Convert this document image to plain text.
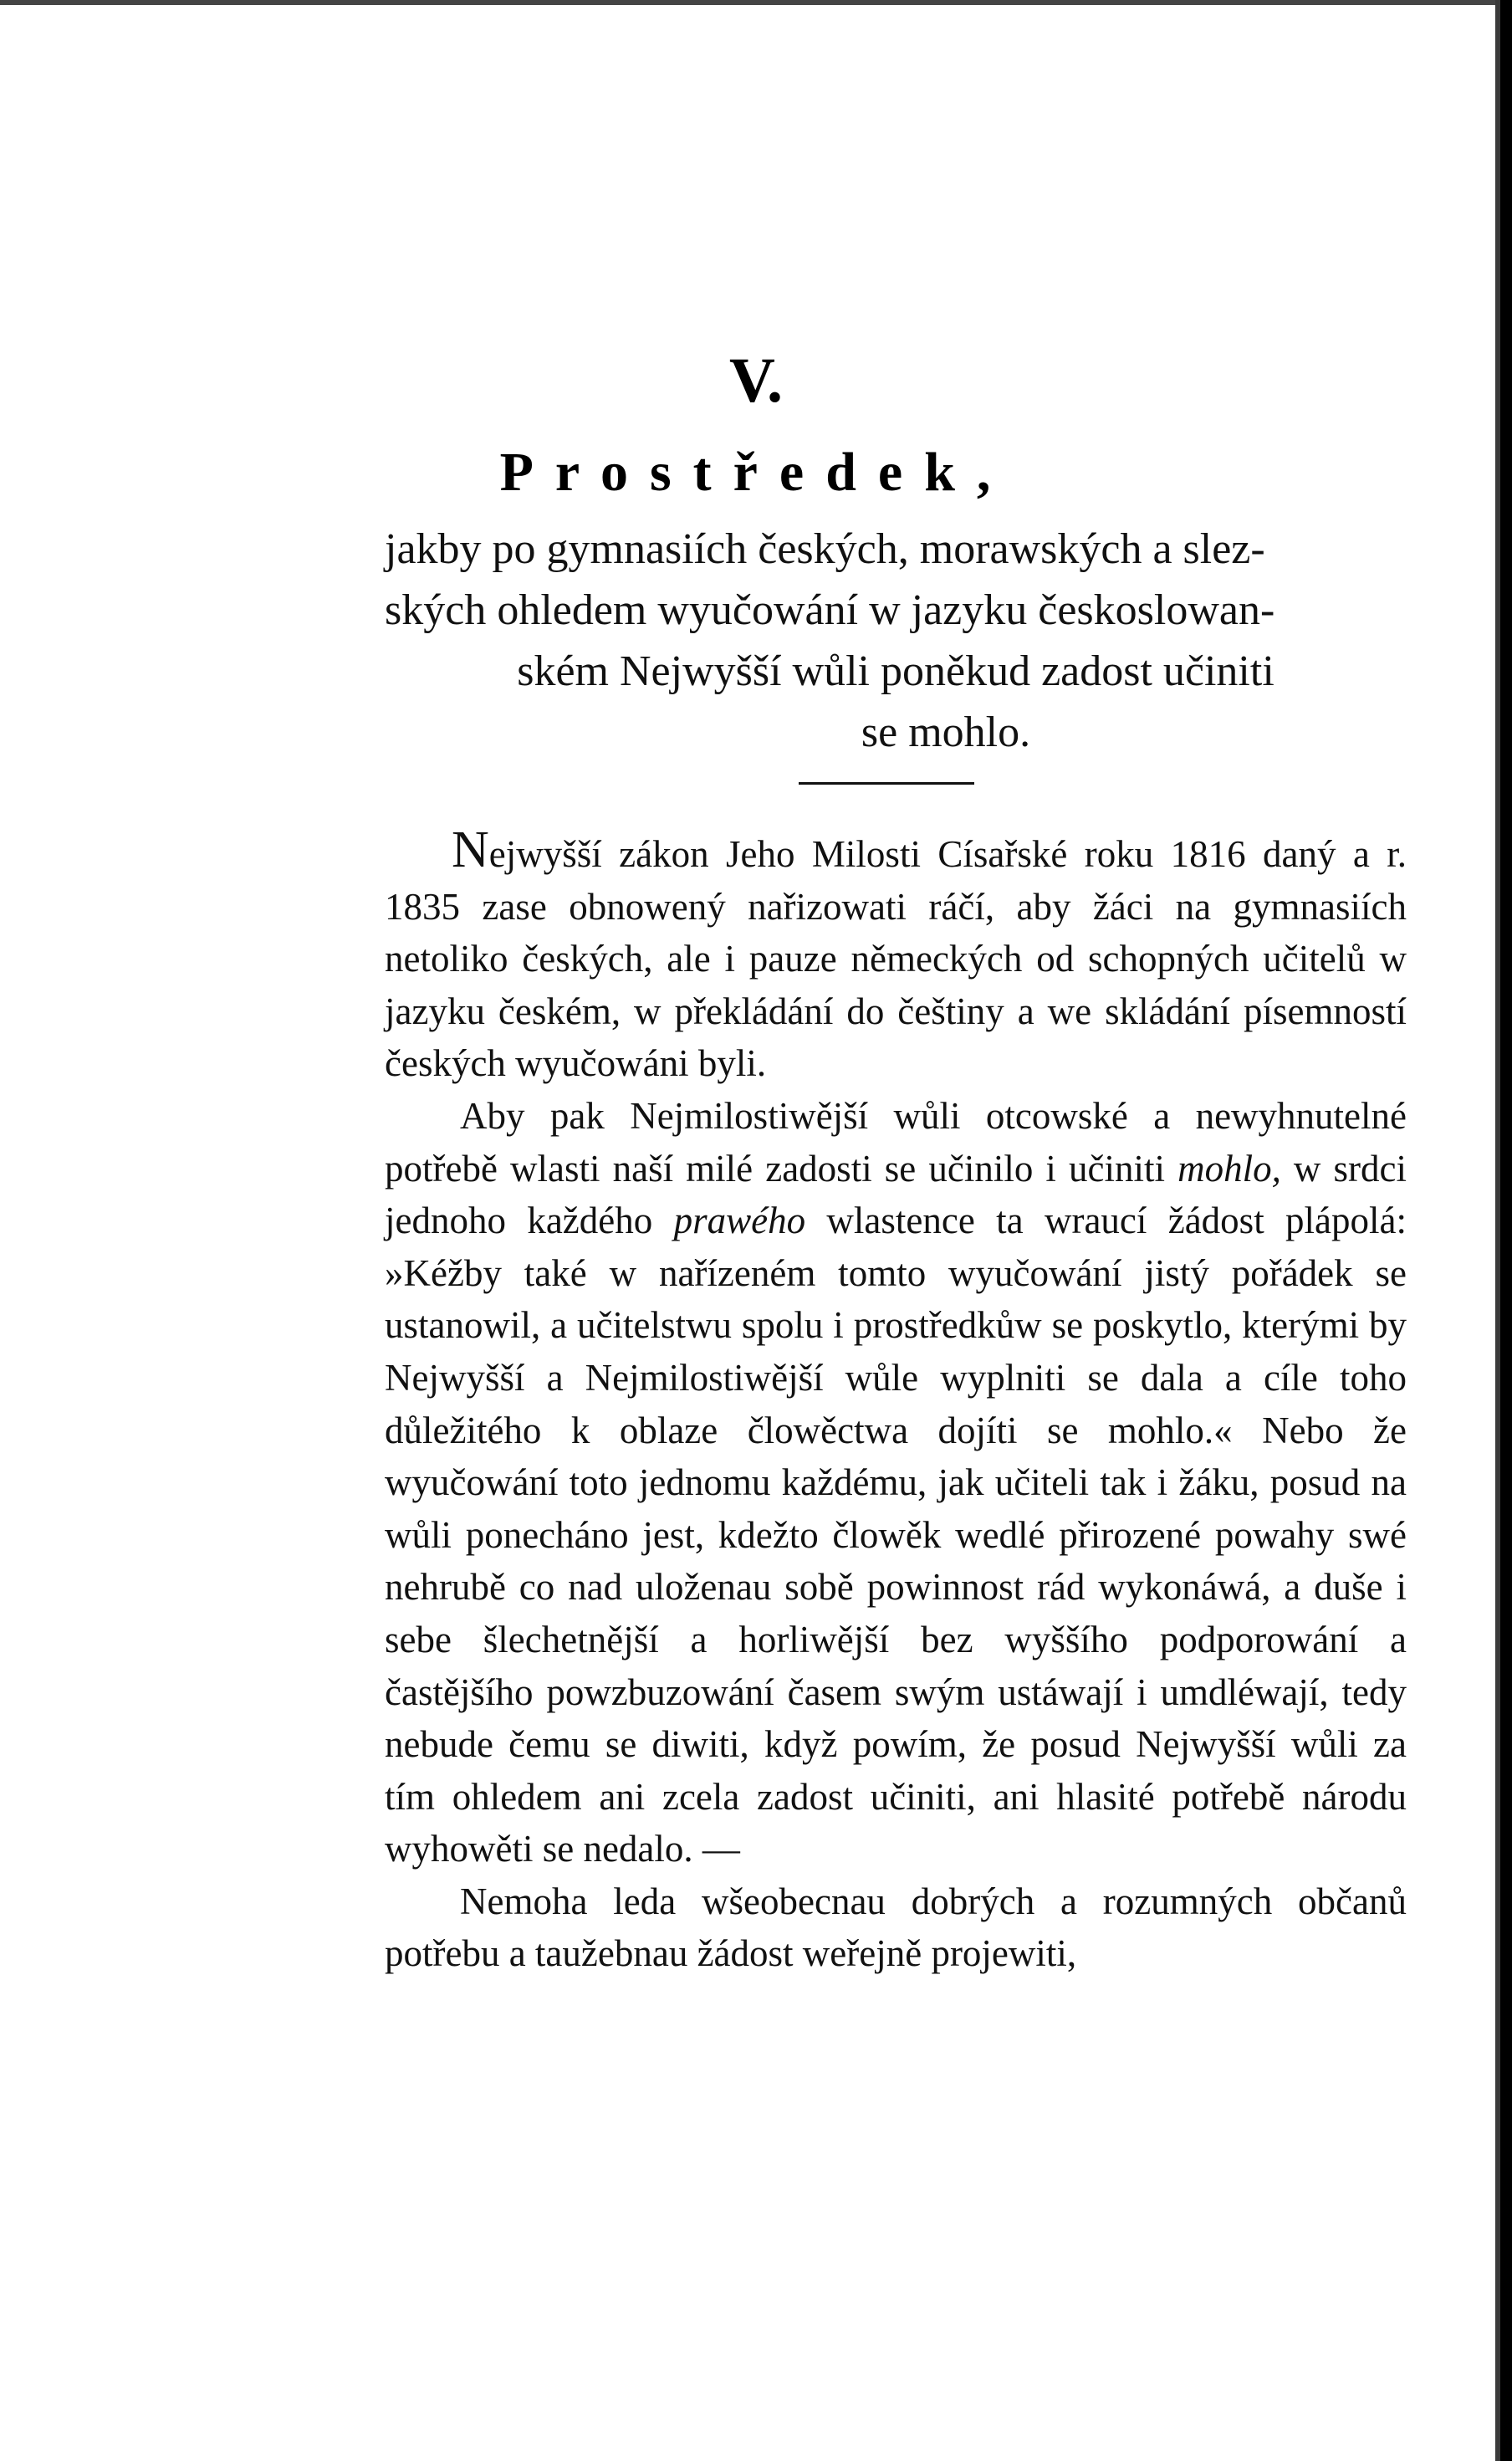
V.
Prostředek,
jakby po gymnasiích českých, morawských a slez-
ských ohledem wyučowání w jazyku českoslowan-
ském Nejwyšší wůli poněkud zadost učiniti
se mohlo.

Nejwyšší zákon Jeho Milosti Císařské roku 1816 daný a r. 1835 zase obnowený nařizowati ráčí, aby žáci na gymnasiích netoliko českých, ale i pauze německých od schopných učitelů w jazyku českém, w překládání do češtiny a we skládání písemností českých wyučowáni byli.

Aby pak Nejmilostiwější wůli otcowské a newyhnutelné potřebě wlasti naší milé zadosti se učinilo i učiniti mohlo, w srdci jednoho každého prawého wlastence ta wraucí žádost plápolá: »Kéžby také w nařízeném tomto wyučowání jistý pořádek se ustanowil, a učitelstwu spolu i prostředkůw se poskytlo, kterými by Nejwyšší a Nejmilostiwější wůle wyplniti se dala a cíle toho důležitého k oblaze člowěctwa dojíti se mohlo.« Nebo že wyučowání toto jednomu každému, jak učiteli tak i žáku, posud na wůli ponecháno jest, kdežto člowěk wedlé přirozené powahy swé nehrubě co nad uloženau sobě powinnost rád wykonáwá, a duše i sebe šlechetnější a horliwější bez wyššího podporowání a častějšího powzbuzowání časem swým ustáwají i umdléwají, tedy nebude čemu se diwiti, když powím, že posud Nejwyšší wůli za tím ohledem ani zcela zadost učiniti, ani hlasité potřebě národu wyhowěti se nedalo. —

Nemoha leda wšeobecnau dobrých a rozumných občanů potřebu a taužebnau žádost weřejně projewiti,
